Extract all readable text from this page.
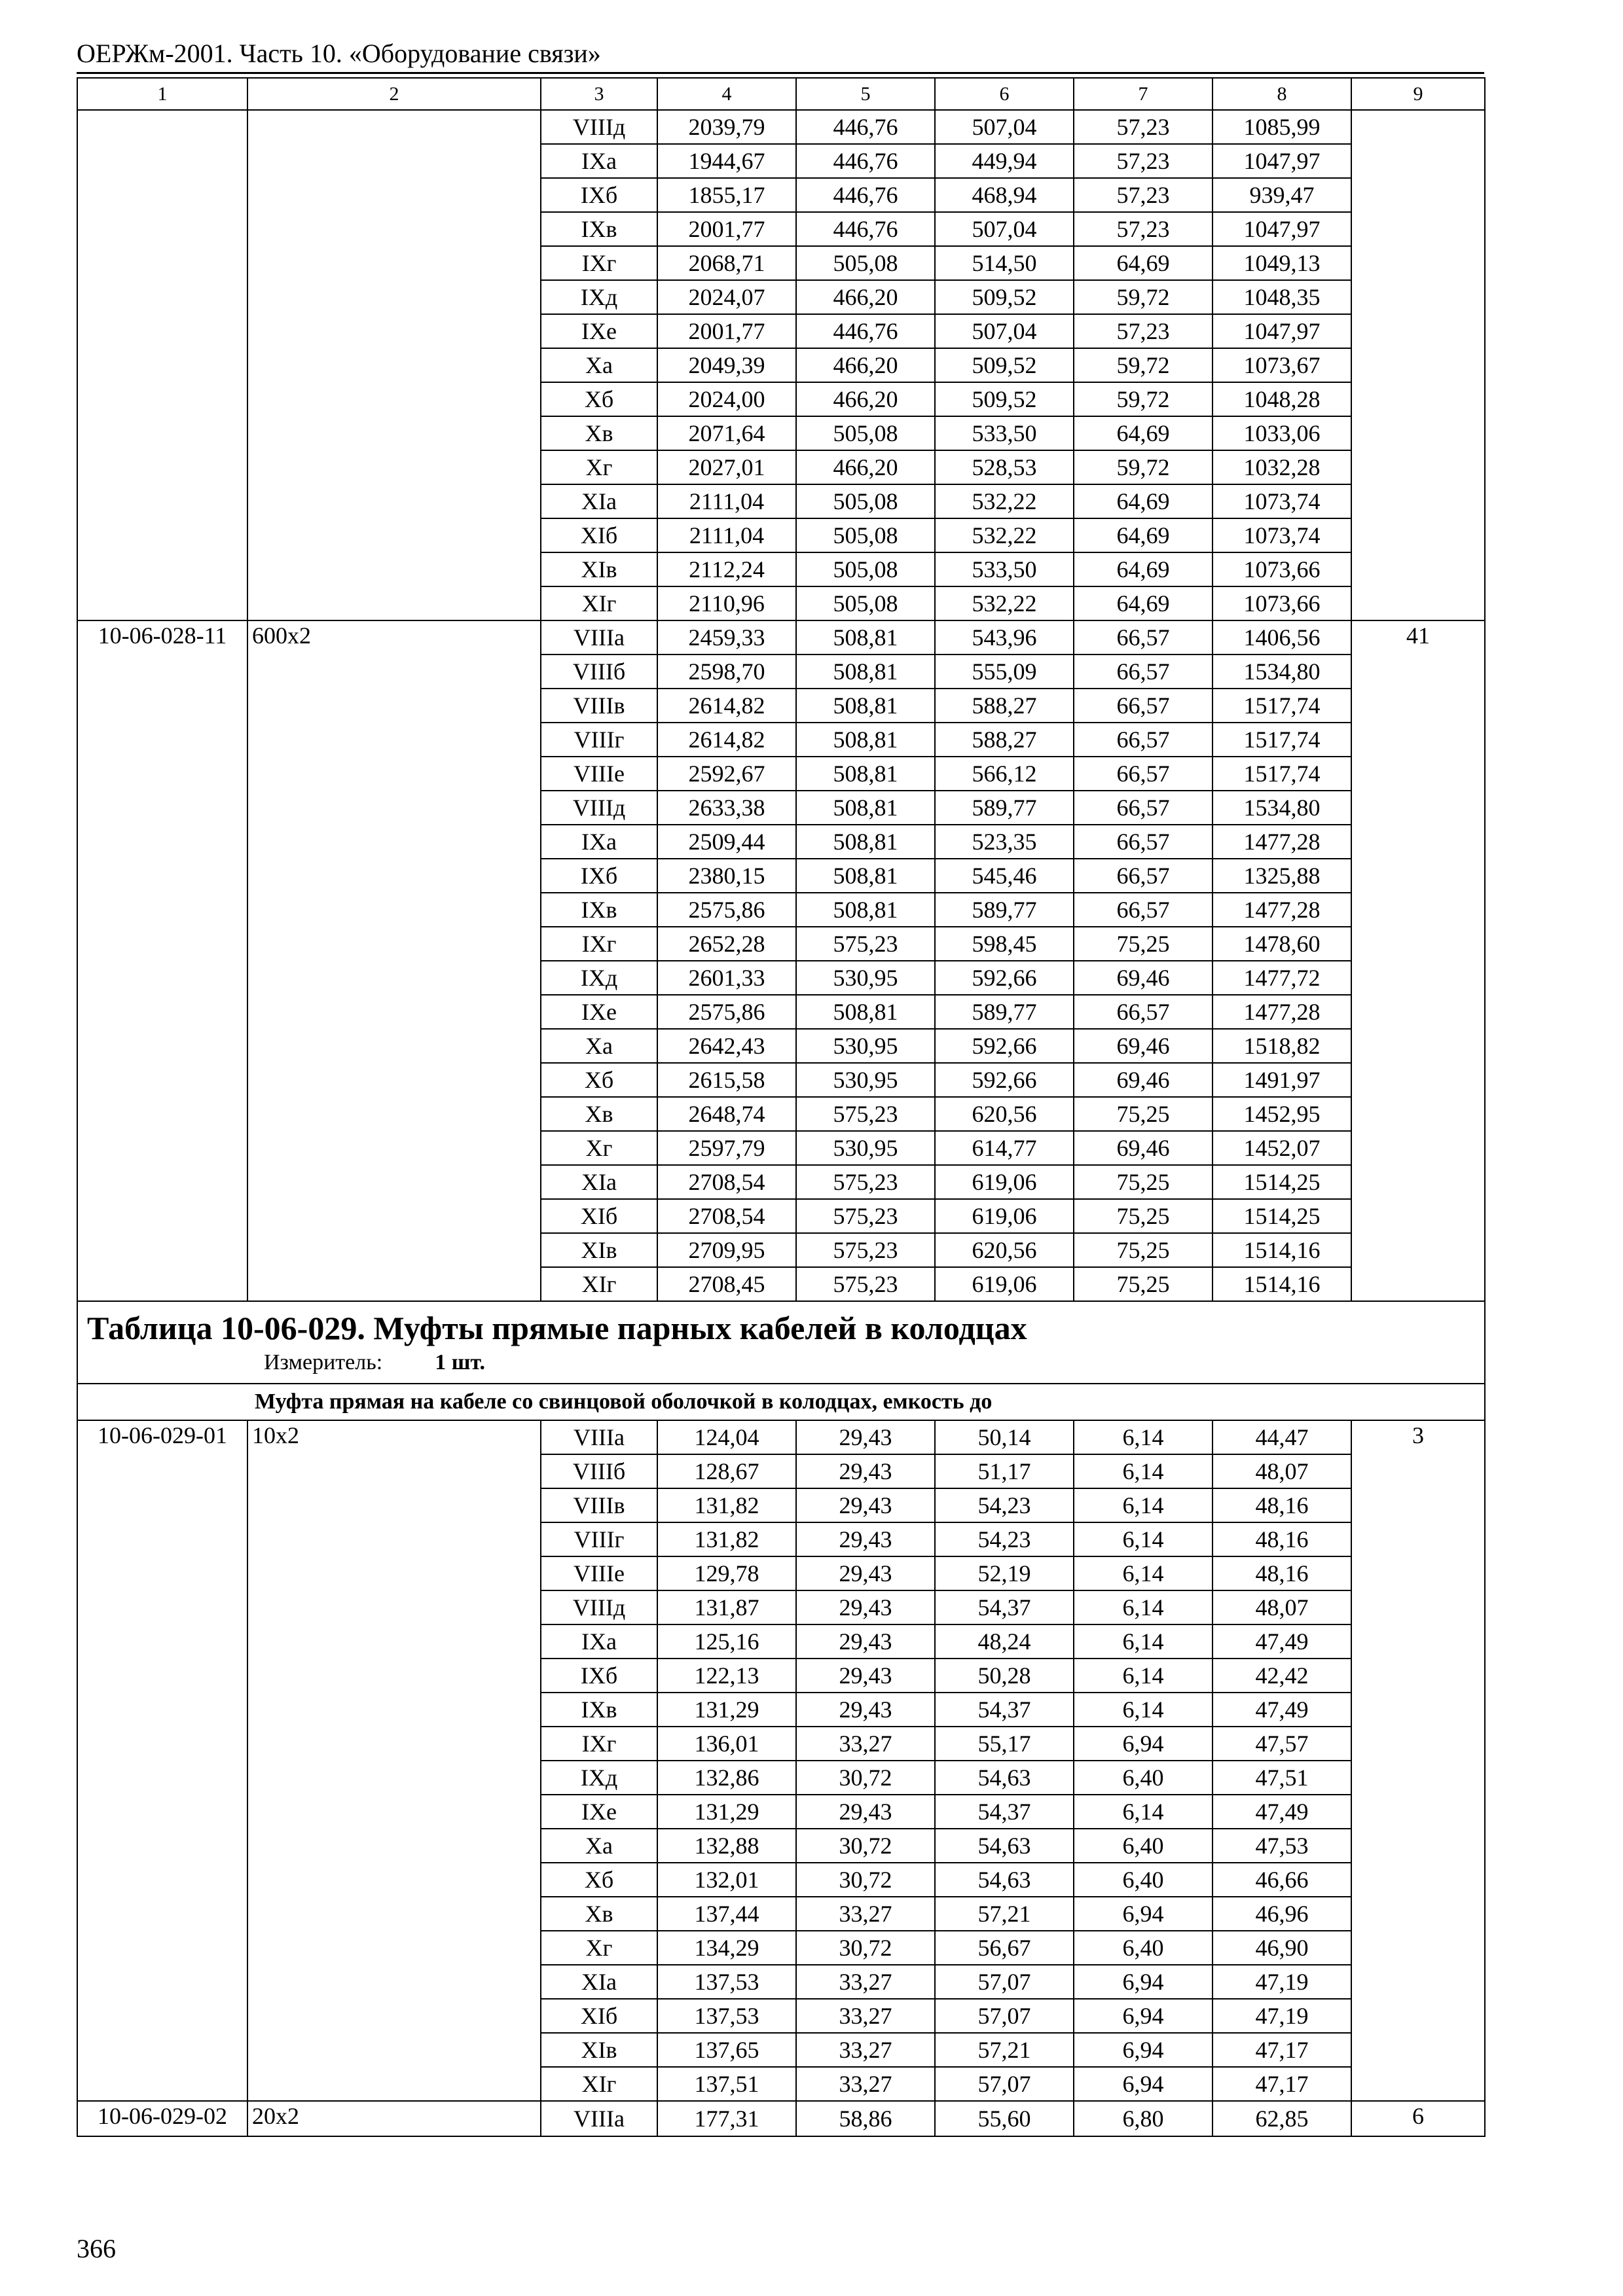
ОЕРЖм-2001. Часть 10. «Оборудование связи»
1	2	3	4	5	6	7	8	9
		VIIIд	2039,79	446,76	507,04	57,23	1085,99	
		IXа	1944,67	446,76	449,94	57,23	1047,97	
		IXб	1855,17	446,76	468,94	57,23	939,47	
		IXв	2001,77	446,76	507,04	57,23	1047,97	
		IXг	2068,71	505,08	514,50	64,69	1049,13	
		IXд	2024,07	466,20	509,52	59,72	1048,35	
		IXе	2001,77	446,76	507,04	57,23	1047,97	
		Xа	2049,39	466,20	509,52	59,72	1073,67	
		Xб	2024,00	466,20	509,52	59,72	1048,28	
		Xв	2071,64	505,08	533,50	64,69	1033,06	
		Xг	2027,01	466,20	528,53	59,72	1032,28	
		XIа	2111,04	505,08	532,22	64,69	1073,74	
		XIб	2111,04	505,08	532,22	64,69	1073,74	
		XIв	2112,24	505,08	533,50	64,69	1073,66	
		XIг	2110,96	505,08	532,22	64,69	1073,66	
10-06-028-11	600x2	VIIIа	2459,33	508,81	543,96	66,57	1406,56	41
		VIIIб	2598,70	508,81	555,09	66,57	1534,80	
		VIIIв	2614,82	508,81	588,27	66,57	1517,74	
		VIIIг	2614,82	508,81	588,27	66,57	1517,74	
		VIIIе	2592,67	508,81	566,12	66,57	1517,74	
		VIIIд	2633,38	508,81	589,77	66,57	1534,80	
		IXа	2509,44	508,81	523,35	66,57	1477,28	
		IXб	2380,15	508,81	545,46	66,57	1325,88	
		IXв	2575,86	508,81	589,77	66,57	1477,28	
		IXг	2652,28	575,23	598,45	75,25	1478,60	
		IXд	2601,33	530,95	592,66	69,46	1477,72	
		IXе	2575,86	508,81	589,77	66,57	1477,28	
		Xа	2642,43	530,95	592,66	69,46	1518,82	
		Xб	2615,58	530,95	592,66	69,46	1491,97	
		Xв	2648,74	575,23	620,56	75,25	1452,95	
		Xг	2597,79	530,95	614,77	69,46	1452,07	
		XIа	2708,54	575,23	619,06	75,25	1514,25	
		XIб	2708,54	575,23	619,06	75,25	1514,25	
		XIв	2709,95	575,23	620,56	75,25	1514,16	
		XIг	2708,45	575,23	619,06	75,25	1514,16	

Таблица 10-06-029. Муфты прямые парных кабелей в колодцах
Измеритель: 1 шт.								

Муфта прямая на кабеле со свинцовой оболочкой в колодцах, емкость до								
10-06-029-01	10x2	VIIIа	124,04	29,43	50,14	6,14	44,47	3
		VIIIб	128,67	29,43	51,17	6,14	48,07	
		VIIIв	131,82	29,43	54,23	6,14	48,16	
		VIIIг	131,82	29,43	54,23	6,14	48,16	
		VIIIе	129,78	29,43	52,19	6,14	48,16	
		VIIIд	131,87	29,43	54,37	6,14	48,07	
		IXа	125,16	29,43	48,24	6,14	47,49	
		IXб	122,13	29,43	50,28	6,14	42,42	
		IXв	131,29	29,43	54,37	6,14	47,49	
		IXг	136,01	33,27	55,17	6,94	47,57	
		IXд	132,86	30,72	54,63	6,40	47,51	
		IXе	131,29	29,43	54,37	6,14	47,49	
		Xа	132,88	30,72	54,63	6,40	47,53	
		Xб	132,01	30,72	54,63	6,40	46,66	
		Xв	137,44	33,27	57,21	6,94	46,96	
		Xг	134,29	30,72	56,67	6,40	46,90	
		XIа	137,53	33,27	57,07	6,94	47,19	
		XIб	137,53	33,27	57,07	6,94	47,19	
		XIв	137,65	33,27	57,21	6,94	47,17	
		XIг	137,51	33,27	57,07	6,94	47,17	
10-06-029-02	20x2	VIIIа	177,31	58,86	55,60	6,80	62,85	6
366
